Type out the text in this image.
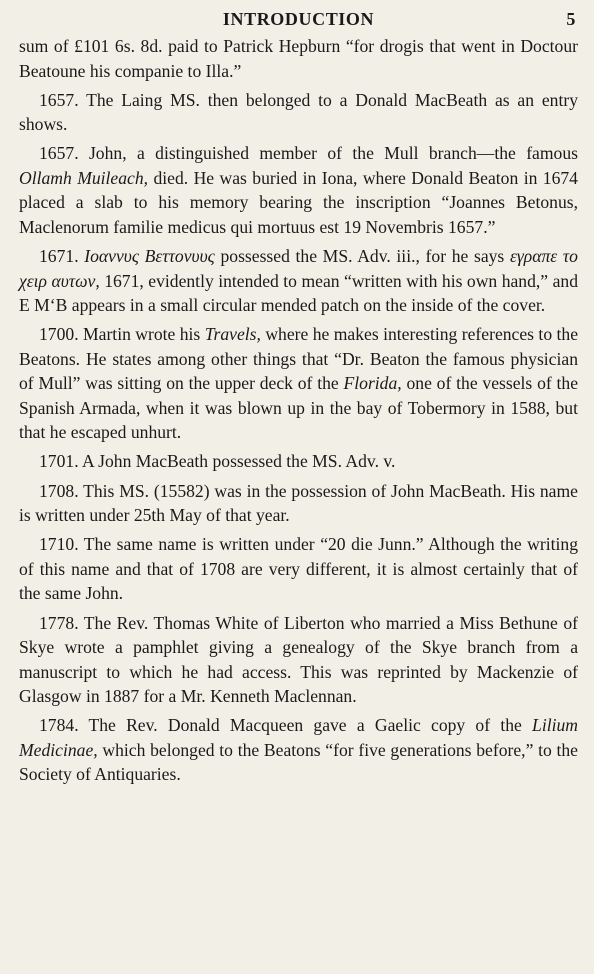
INTRODUCTION	5

sum of £101 6s. 8d. paid to Patrick Hepburn “for drogis that went in Doctour Beatoune his companie to Illa.”

1657. The Laing MS. then belonged to a Donald MacBeath as an entry shows.

1657. John, a distinguished member of the Mull branch—the famous Ollamh Muileach, died. He was buried in Iona, where Donald Beaton in 1674 placed a slab to his memory bearing the inscription “Joannes Betonus, Maclenorum familie medicus qui mortuus est 19 Novembris 1657.”

1671. Ιοαννυς Βεττονυυς possessed the MS. Adv. iii., for he says εγραπε το χειρ αυτων, 1671, evidently intended to mean “written with his own hand,” and E M‘B appears in a small circular mended patch on the inside of the cover.

1700. Martin wrote his Travels, where he makes interesting references to the Beatons. He states among other things that “Dr. Beaton the famous physician of Mull” was sitting on the upper deck of the Florida, one of the vessels of the Spanish Armada, when it was blown up in the bay of Tobermory in 1588, but that he escaped unhurt.

1701. A John MacBeath possessed the MS. Adv. v.

1708. This MS. (15582) was in the possession of John MacBeath. His name is written under 25th May of that year.

1710. The same name is written under “20 die Junn.” Although the writing of this name and that of 1708 are very different, it is almost certainly that of the same John.

1778. The Rev. Thomas White of Liberton who married a Miss Bethune of Skye wrote a pamphlet giving a genealogy of the Skye branch from a manuscript to which he had access. This was reprinted by Mackenzie of Glasgow in 1887 for a Mr. Kenneth Maclennan.

1784. The Rev. Donald Macqueen gave a Gaelic copy of the Lilium Medicinae, which belonged to the Beatons “for five generations before,” to the Society of Antiquaries.
